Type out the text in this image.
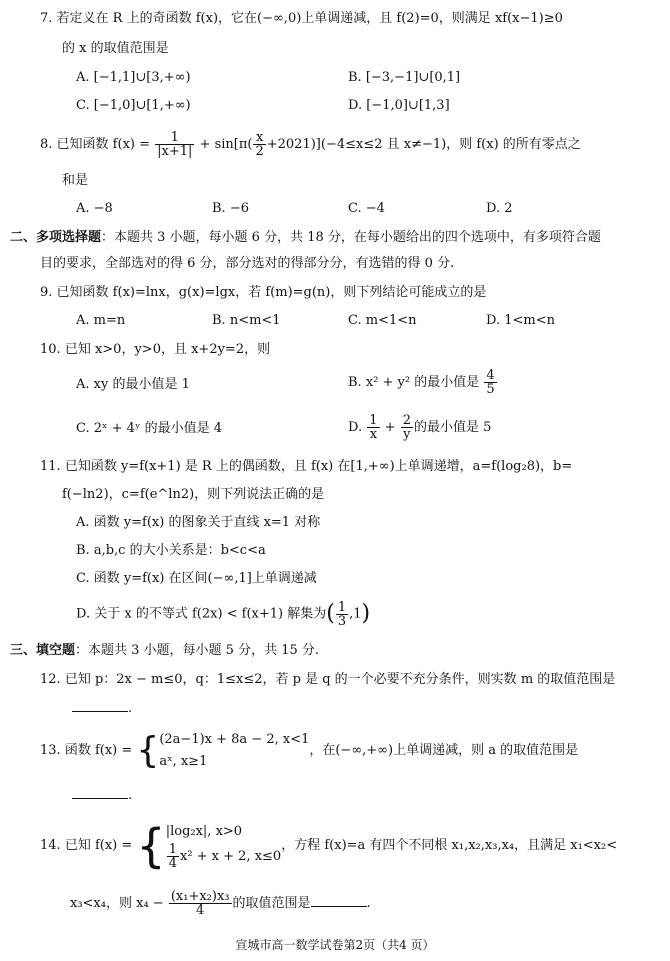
7. 若定义在 R 上的奇函数 f(x)，它在(−∞,0)上单调递减，且 f(2)=0，则满足 xf(x−1)≥0
的 x 的取值范围是
A. [−1,1]∪[3,+∞)	B. [−3,−1]∪[0,1]
C. [−1,0]∪[1,+∞)	D. [−1,0]∪[1,3]
8. 已知函数 $f(x) = \frac{1}{|x+1|} + \sin[\pi( \frac{x}{2} +2021)](-4\le x\le 2$ 且 x≠−1)，则 f(x) 的所有零点之
和是
A. −8	B. −6	C. −4	D. 2
二、多项选择题：本题共 3 小题，每小题 6 分，共 18 分，在每小题给出的四个选项中，有多项符合题
目的要求，全部选对的得 6 分，部分选对的得部分分，有选错的得 0 分.
9. 已知函数 f(x)=lnx，g(x)=lgx，若 f(m)=g(n)，则下列结论可能成立的是
A. m=n	B. n<m<1	C. m<1<n	D. 1<m<n
10. 已知 x>0，y>0，且 x+2y=2，则
A. xy 的最小值是 1	B. x² + y² 的最小值是 $\frac{4}{5}$
C. 2ˣ + 4ʸ 的最小值是 4	D. $\frac{1}{x} + \frac{2}{y}$ 的最小值是 5
11. 已知函数 y=f(x+1) 是 R 上的偶函数，且 f(x) 在[1,+∞)上单调递增，a=f(log₂8)，b=
f(−ln2)，c=f(e^ln2)，则下列说法正确的是
A. 函数 y=f(x) 的图象关于直线 x=1 对称
B. a,b,c 的大小关系是：b<c<a
C. 函数 y=f(x) 在区间(−∞,1]上单调递减
D. 关于 x 的不等式 f(2x) < f(x+1) 解集为( $\frac{1}{3} ,1$)
三、填空题：本题共 3 小题，每小题 5 分，共 15 分.
12. 已知 p：2x − m≤0，q：1≤x≤2，若 p 是 q 的一个必要不充分条件，则实数 m 的取值范围是
.
13. 函数 f(x) = { (2a−1)x + 8a − 2, x<1
aˣ, x≥1
，在(−∞,+∞)上单调递减，则 a 的取值范围是
.
14. 已知 f(x) = { |log₂x|, x>0
$\frac{1}{4} x^2 + x + 2$, x≤0
，方程 f(x)=a 有四个不同根 x₁,x₂,x₃,x₄，且满足 x₁<x₂<
x₃<x₄，则 $x_4 - \frac{\text{(x₁+x₂)x₃}}{4}$ 的取值范围是	.
宣城市高一数学试卷第2页（共4 页）
